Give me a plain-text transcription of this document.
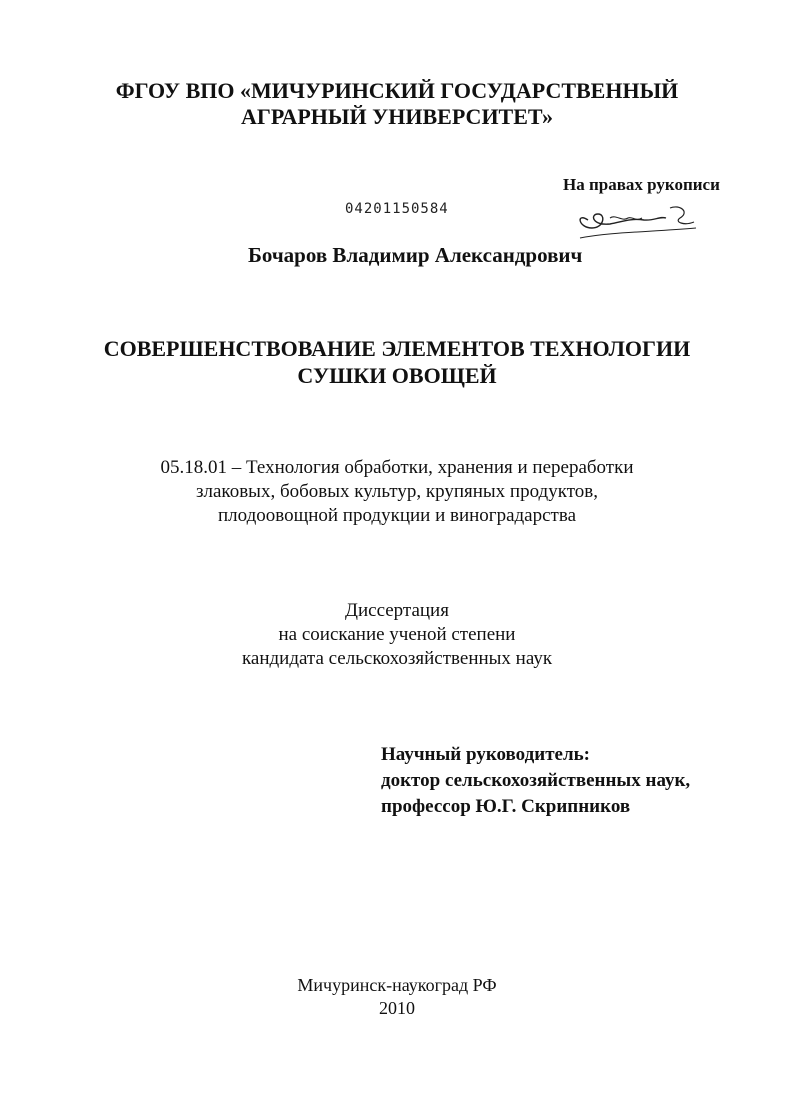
ФГОУ ВПО «МИЧУРИНСКИЙ ГОСУДАРСТВЕННЫЙ
АГРАРНЫЙ УНИВЕРСИТЕТ»
На правах рукописи
04201150584
Бочаров Владимир Александрович
СОВЕРШЕНСТВОВАНИЕ ЭЛЕМЕНТОВ ТЕХНОЛОГИИ
СУШКИ ОВОЩЕЙ
05.18.01 – Технология обработки, хранения и переработки
злаковых, бобовых культур, крупяных продуктов,
плодоовощной продукции и виноградарства
Диссертация
на соискание ученой степени
кандидата сельскохозяйственных наук
Научный руководитель:
доктор сельскохозяйственных наук,
профессор Ю.Г. Скрипников
Мичуринск-наукоград РФ
2010
